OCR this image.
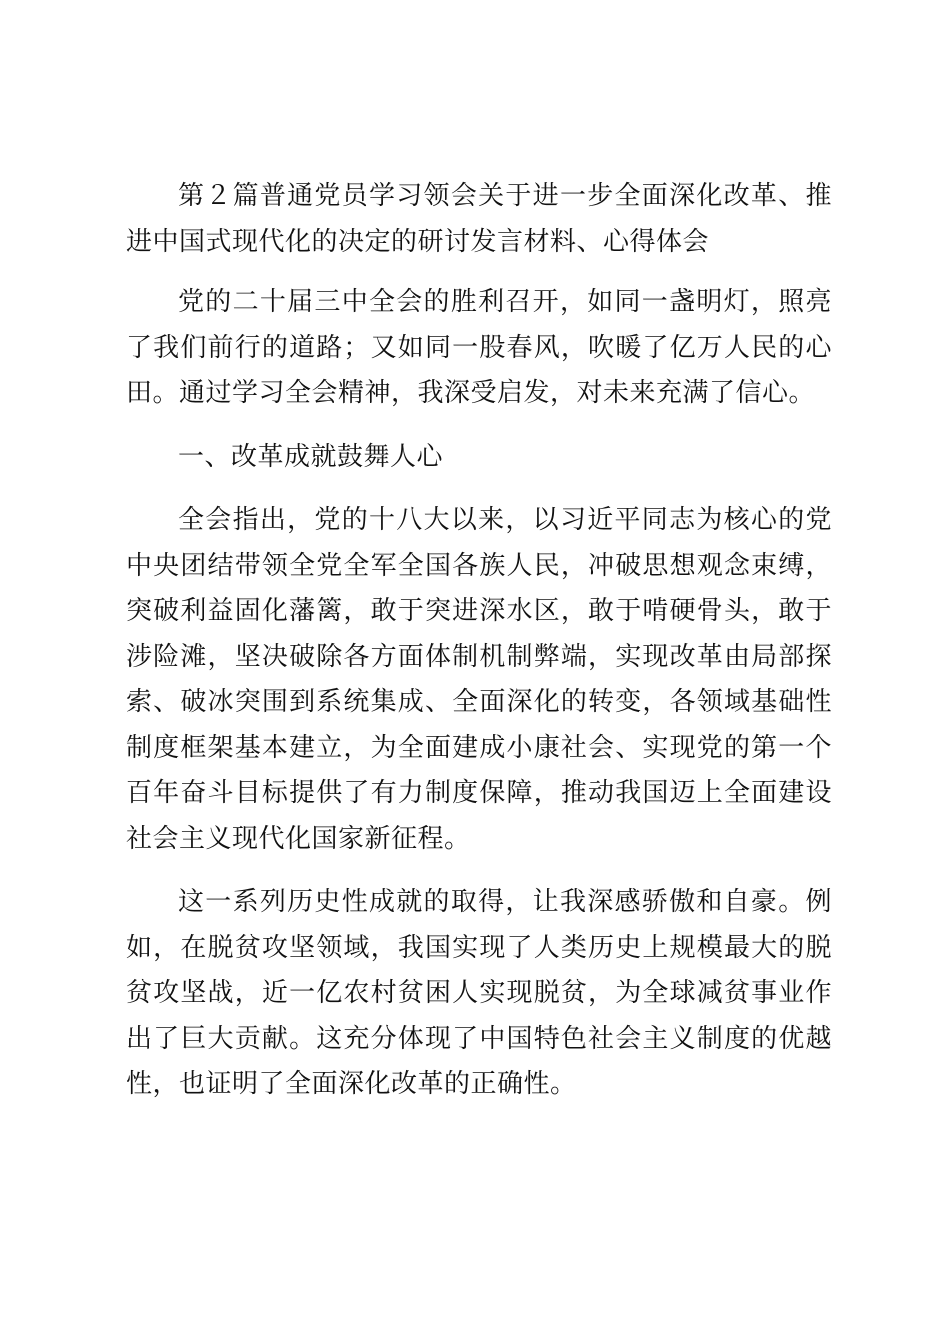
第２篇普通党员学习领会关于进一步全面深化改革、推进中国式现代化的决定的研讨发言材料、心得体会

党的二十届三中全会的胜利召开，如同一盏明灯，照亮了我们前行的道路；又如同一股春风，吹暖了亿万人民的心田。通过学习全会精神，我深受启发，对未来充满了信心。

一、改革成就鼓舞人心

全会指出，党的十八大以来，以习近平同志为核心的党中央团结带领全党全军全国各族人民，冲破思想观念束缚，突破利益固化藩篱，敢于突进深水区，敢于啃硬骨头，敢于涉险滩，坚决破除各方面体制机制弊端，实现改革由局部探索、破冰突围到系统集成、全面深化的转变，各领域基础性制度框架基本建立，为全面建成小康社会、实现党的第一个百年奋斗目标提供了有力制度保障，推动我国迈上全面建设社会主义现代化国家新征程。

这一系列历史性成就的取得，让我深感骄傲和自豪。例如，在脱贫攻坚领域，我国实现了人类历史上规模最大的脱贫攻坚战，近一亿农村贫困人实现脱贫，为全球减贫事业作出了巨大贡献。这充分体现了中国特色社会主义制度的优越性，也证明了全面深化改革的正确性。
